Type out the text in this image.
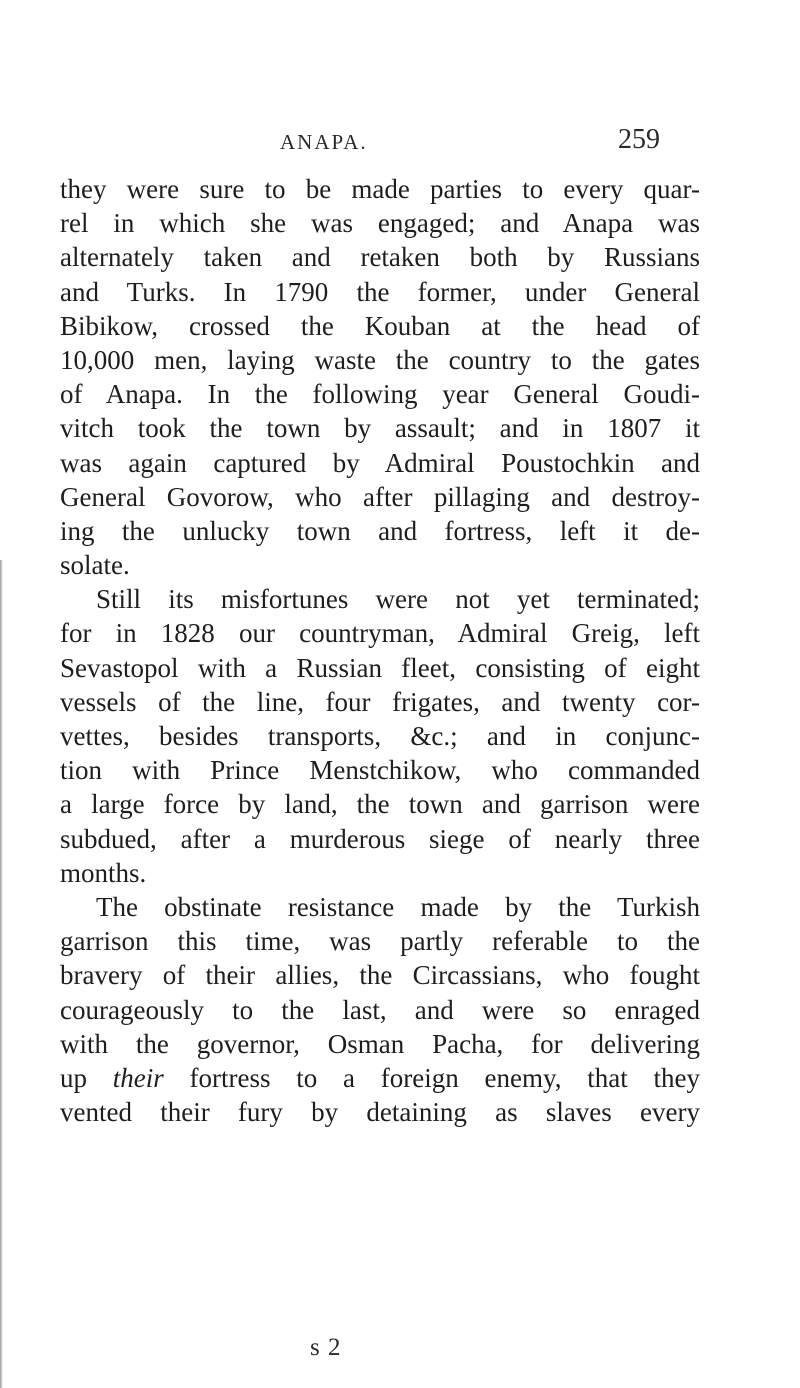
ANAPA.	259
they were sure to be made parties to every quar-
rel in which she was engaged; and Anapa was
alternately taken and retaken both by Russians
and Turks. In 1790 the former, under General
Bibikow, crossed the Kouban at the head of
10,000 men, laying waste the country to the gates
of Anapa. In the following year General Goudi-
vitch took the town by assault; and in 1807 it
was again captured by Admiral Poustochkin and
General Govorow, who after pillaging and destroy-
ing the unlucky town and fortress, left it de-
solate.
Still its misfortunes were not yet terminated;
for in 1828 our countryman, Admiral Greig, left
Sevastopol with a Russian fleet, consisting of eight
vessels of the line, four frigates, and twenty cor-
vettes, besides transports, &c.; and in conjunc-
tion with Prince Menstchikow, who commanded
a large force by land, the town and garrison were
subdued, after a murderous siege of nearly three
months.
The obstinate resistance made by the Turkish
garrison this time, was partly referable to the
bravery of their allies, the Circassians, who fought
courageously to the last, and were so enraged
with the governor, Osman Pacha, for delivering
up their fortress to a foreign enemy, that they
vented their fury by detaining as slaves every
s 2
